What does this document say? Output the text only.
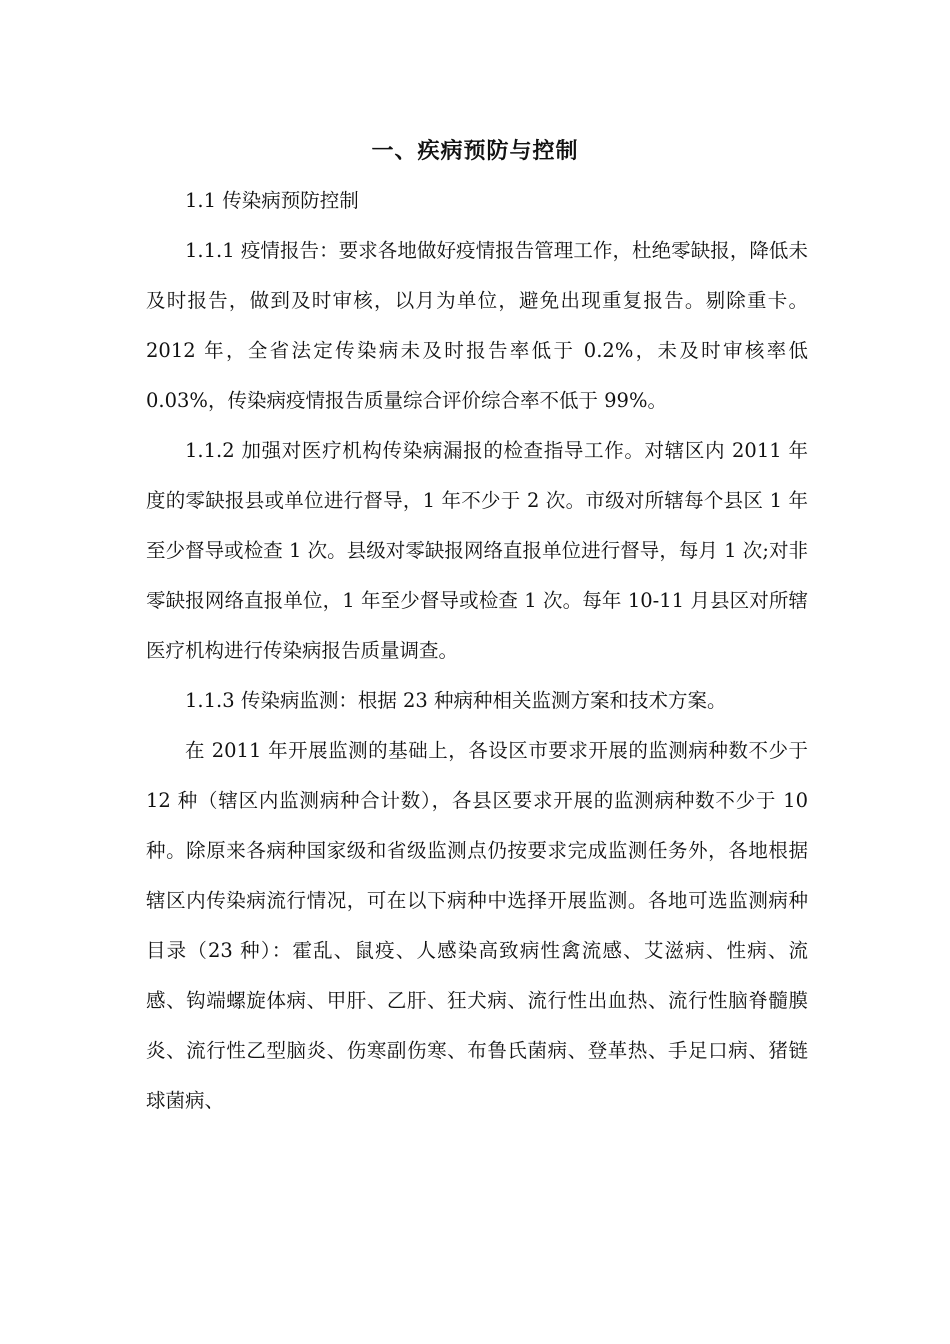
一、疾病预防与控制

1.1 传染病预防控制

1.1.1 疫情报告：要求各地做好疫情报告管理工作，杜绝零缺报，降低未及时报告，做到及时审核，以月为单位，避免出现重复报告。剔除重卡。2012 年，全省法定传染病未及时报告率低于 0.2%，未及时审核率低 0.03%，传染病疫情报告质量综合评价综合率不低于 99%。

1.1.2 加强对医疗机构传染病漏报的检查指导工作。对辖区内 2011 年度的零缺报县或单位进行督导，1 年不少于 2 次。市级对所辖每个县区 1 年至少督导或检查 1 次。县级对零缺报网络直报单位进行督导，每月 1 次;对非零缺报网络直报单位，1 年至少督导或检查 1 次。每年 10-11 月县区对所辖医疗机构进行传染病报告质量调查。

1.1.3 传染病监测：根据 23 种病种相关监测方案和技术方案。

在 2011 年开展监测的基础上，各设区市要求开展的监测病种数不少于 12 种（辖区内监测病种合计数），各县区要求开展的监测病种数不少于 10 种。除原来各病种国家级和省级监测点仍按要求完成监测任务外，各地根据辖区内传染病流行情况，可在以下病种中选择开展监测。各地可选监测病种目录（23 种）：霍乱、鼠疫、人感染高致病性禽流感、艾滋病、性病、流感、钩端螺旋体病、甲肝、乙肝、狂犬病、流行性出血热、流行性脑脊髓膜炎、流行性乙型脑炎、伤寒副伤寒、布鲁氏菌病、登革热、手足口病、猪链球菌病、
